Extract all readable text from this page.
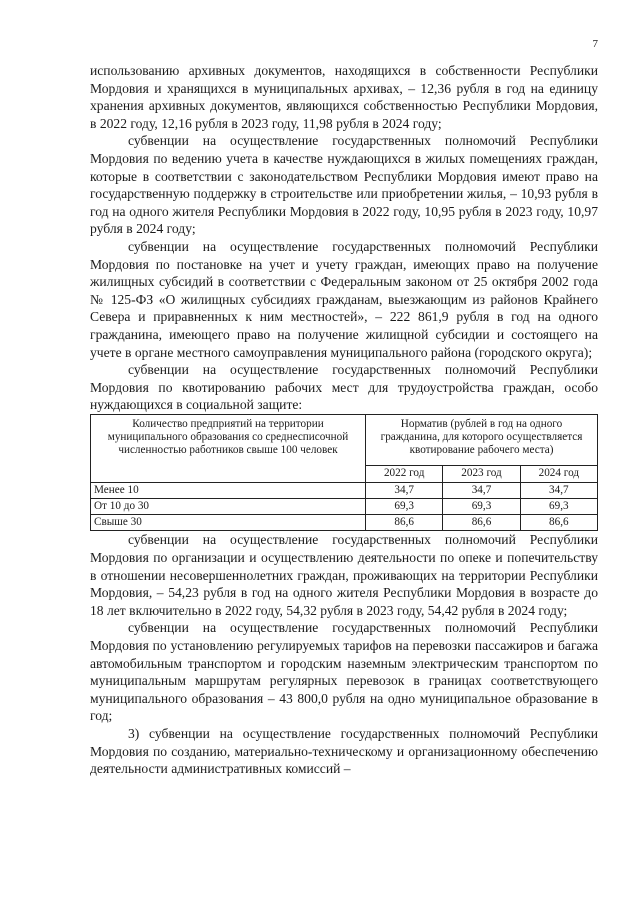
7

использованию архивных документов, находящихся в собственности Республики Мордовия и хранящихся в муниципальных архивах, – 12,36 рубля в год на единицу хранения архивных документов, являющихся собственностью Республики Мордовия, в 2022 году, 12,16 рубля в 2023 году, 11,98 рубля в 2024 году;

субвенции на осуществление государственных полномочий Республики Мордовия по ведению учета в качестве нуждающихся в жилых помещениях граждан, которые в соответствии с законодательством Республики Мордовия имеют право на государственную поддержку в строительстве или приобретении жилья, – 10,93 рубля в год на одного жителя Республики Мордовия в 2022 году, 10,95 рубля в 2023 году, 10,97 рубля в 2024 году;

субвенции на осуществление государственных полномочий Республики Мордовия по постановке на учет и учету граждан, имеющих право на получение жилищных субсидий в соответствии с Федеральным законом от 25 октября 2002 года № 125-ФЗ «О жилищных субсидиях гражданам, выезжающим из районов Крайнего Севера и приравненных к ним местностей», – 222 861,9 рубля в год на одного гражданина, имеющего право на получение жилищной субсидии и состоящего на учете в органе местного самоуправления муниципального района (городского округа);

субвенции на осуществление государственных полномочий Республики Мордовия по квотированию рабочих мест для трудоустройства граждан, особо нуждающихся в социальной защите:

Количество предприятий на территории муниципального образования со среднесписочной численностью работников свыше 100 человек	Норматив (рублей в год на одного гражданина, для которого осуществляется квотирование рабочего места)		
	2022 год	2023 год	2024 год
Менее 10	34,7	34,7	34,7
От 10 до 30	69,3	69,3	69,3
Свыше 30	86,6	86,6	86,6

субвенции на осуществление государственных полномочий Республики Мордовия по организации и осуществлению деятельности по опеке и попечительству в отношении несовершеннолетних граждан, проживающих на территории Республики Мордовия, – 54,23 рубля в год на одного жителя Республики Мордовия в возрасте до 18 лет включительно в 2022 году, 54,32 рубля в 2023 году, 54,42 рубля в 2024 году;

субвенции на осуществление государственных полномочий Республики Мордовия по установлению регулируемых тарифов на перевозки пассажиров и багажа автомобильным транспортом и городским наземным электрическим транспортом по муниципальным маршрутам регулярных перевозок в границах соответствующего муниципального образования – 43 800,0 рубля на одно муниципальное образование в год;

3) субвенции на осуществление государственных полномочий Республики Мордовия по созданию, материально-техническому и организационному обеспечению деятельности административных комиссий –
